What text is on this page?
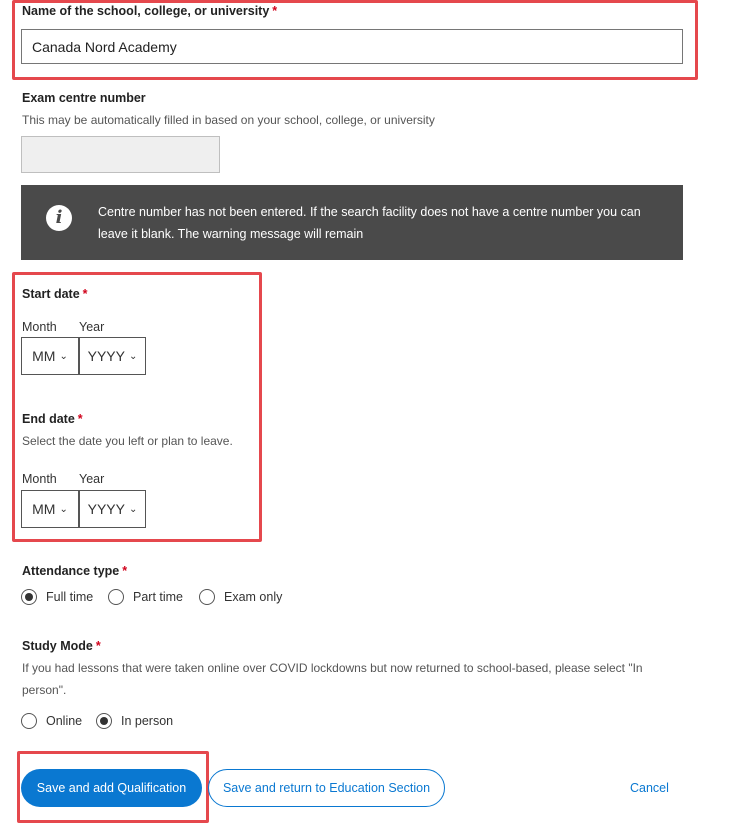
Name of the school, college, or university *
Canada Nord Academy
Exam centre number
This may be automatically filled in based on your school, college, or university
i	Centre number has not been entered. If the search facility does not have a centre number you can
leave it blank. The warning message will remain
Start date *
Month Year
MM ⌄ YYYY ⌄
End date *
Select the date you left or plan to leave.
Month Year
MM ⌄ YYYY ⌄
Attendance type *
Full time	Part time	Exam only
Study Mode *
If you had lessons that were taken online over COVID lockdowns but now returned to school-based, please select "In
person".
Online	In person
Save and add Qualification	Save and return to Education Section	Cancel
